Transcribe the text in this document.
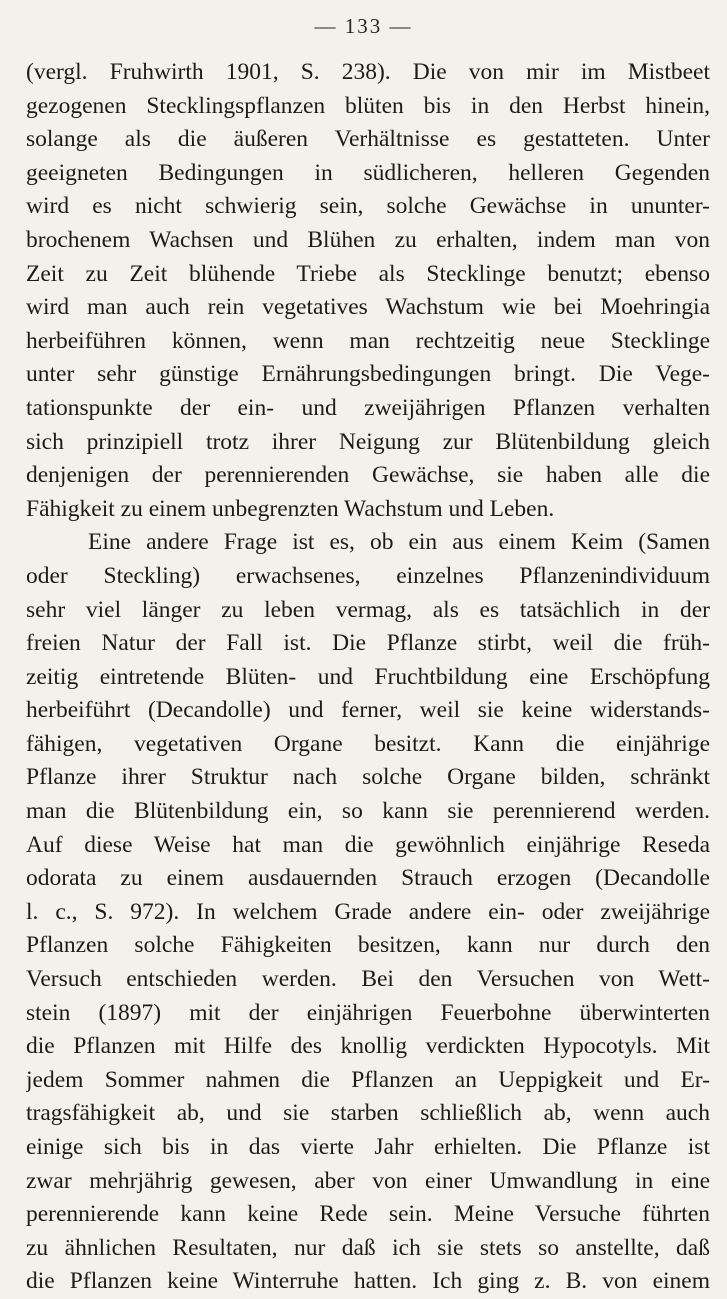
— 133 —
(vergl. Fruhwirth 1901, S. 238). Die von mir im Mistbeet
gezogenen Stecklingspflanzen blüten bis in den Herbst hinein,
solange als die äußeren Verhältnisse es gestatteten. Unter
geeigneten Bedingungen in südlicheren, helleren Gegenden
wird es nicht schwierig sein, solche Gewächse in ununter-
brochenem Wachsen und Blühen zu erhalten, indem man von
Zeit zu Zeit blühende Triebe als Stecklinge benutzt; ebenso
wird man auch rein vegetatives Wachstum wie bei Moehringia
herbeiführen können, wenn man rechtzeitig neue Stecklinge
unter sehr günstige Ernährungsbedingungen bringt. Die Vege-
tationspunkte der ein- und zweijährigen Pflanzen verhalten
sich prinzipiell trotz ihrer Neigung zur Blütenbildung gleich
denjenigen der perennierenden Gewächse, sie haben alle die
Fähigkeit zu einem unbegrenzten Wachstum und Leben.
Eine andere Frage ist es, ob ein aus einem Keim (Samen
oder Steckling) erwachsenes, einzelnes Pflanzenindividuum
sehr viel länger zu leben vermag, als es tatsächlich in der
freien Natur der Fall ist. Die Pflanze stirbt, weil die früh-
zeitig eintretende Blüten- und Fruchtbildung eine Erschöpfung
herbeiführt (Decandolle) und ferner, weil sie keine widerstands-
fähigen, vegetativen Organe besitzt. Kann die einjährige
Pflanze ihrer Struktur nach solche Organe bilden, schränkt
man die Blütenbildung ein, so kann sie perennierend werden.
Auf diese Weise hat man die gewöhnlich einjährige Reseda
odorata zu einem ausdauernden Strauch erzogen (Decandolle
l. c., S. 972). In welchem Grade andere ein- oder zweijährige
Pflanzen solche Fähigkeiten besitzen, kann nur durch den
Versuch entschieden werden. Bei den Versuchen von Wett-
stein (1897) mit der einjährigen Feuerbohne überwinterten
die Pflanzen mit Hilfe des knollig verdickten Hypocotyls. Mit
jedem Sommer nahmen die Pflanzen an Ueppigkeit und Er-
tragsfähigkeit ab, und sie starben schließlich ab, wenn auch
einige sich bis in das vierte Jahr erhielten. Die Pflanze ist
zwar mehrjährig gewesen, aber von einer Umwandlung in eine
perennierende kann keine Rede sein. Meine Versuche führten
zu ähnlichen Resultaten, nur daß ich sie stets so anstellte, daß
die Pflanzen keine Winterruhe hatten. Ich ging z. B. von einem
